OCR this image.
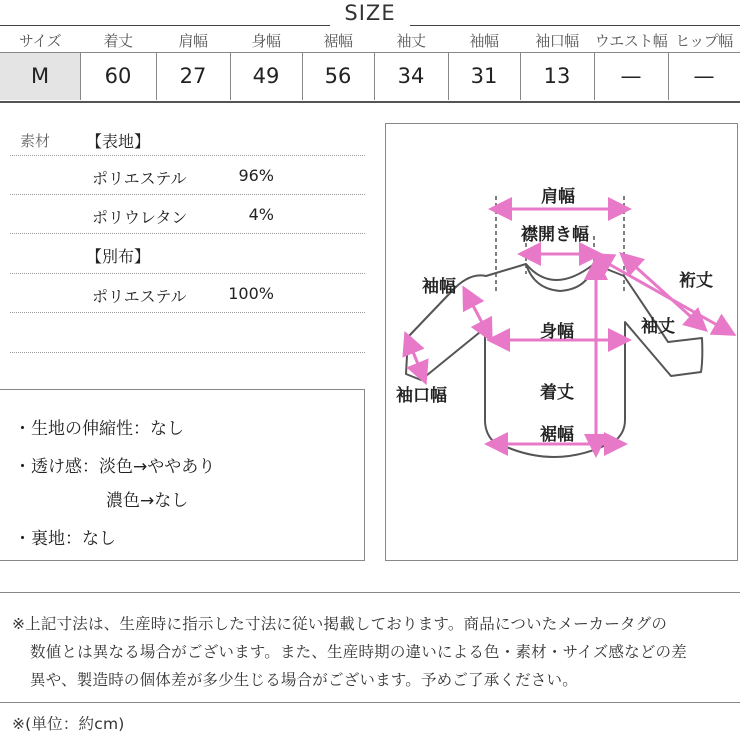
SIZE
サイズ	着丈	肩幅	身幅	裾幅	袖丈	袖幅	袖口幅	ウエスト幅 ヒップ幅
M	60	27	49	56	34	31	13	—	—
素材 【表地】
ポリエステル	96%
ポリウレタン	4%
【別布】
ポリエステル	100%
・生地の伸縮性：なし
・透け感：淡色→ややあり
濃色→なし
・裏地：なし
肩幅
襟開き幅
袖幅	裄丈
袖丈
身幅
袖口幅	着丈
裾幅
※上記寸法は、生産時に指示した寸法に従い掲載しております。商品についたメーカータグの
数値とは異なる場合がございます。また、生産時期の違いによる色・素材・サイズ感などの差
異や、製造時の個体差が多少生じる場合がございます。予めご了承ください。
※(単位：約cm)
